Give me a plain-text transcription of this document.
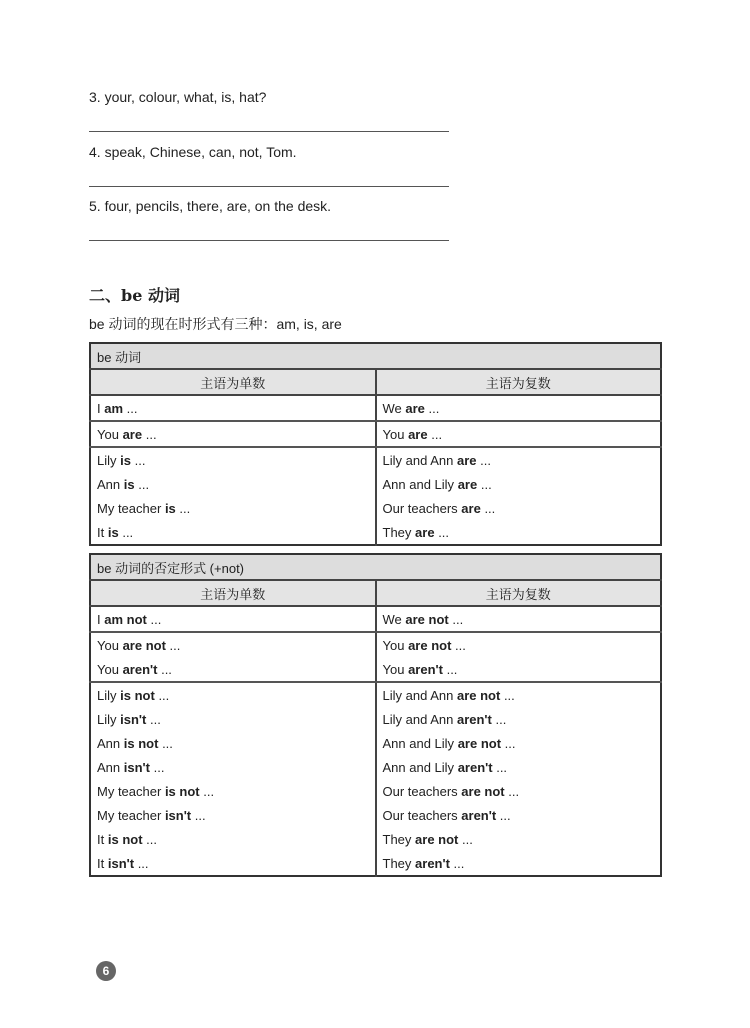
3. your, colour, what, is, hat?
4. speak, Chinese, can, not, Tom.
5. four, pencils, there, are, on the desk.
二、be 动词
be 动词的现在时形式有三种：am, is, are
be 动词	
主语为单数	主语为复数
I am ...	We are ...
You are ...	You are ...
Lily is ...	Lily and Ann are ...
Ann is ...	Ann and Lily are ...
My teacher is ...	Our teachers are ...
It is ...	They are ...
be 动词的否定形式 (+not)	
主语为单数	主语为复数
I am not ...	We are not ...
You are not ...	You are not ...
You aren't ...	You aren't ...
Lily is not ...	Lily and Ann are not ...
Lily isn't ...	Lily and Ann aren't ...
Ann is not ...	Ann and Lily are not ...
Ann isn't ...	Ann and Lily aren't ...
My teacher is not ...	Our teachers are not ...
My teacher isn't ...	Our teachers aren't ...
It is not ...	They are not ...
It isn't ...	They aren't ...
6
